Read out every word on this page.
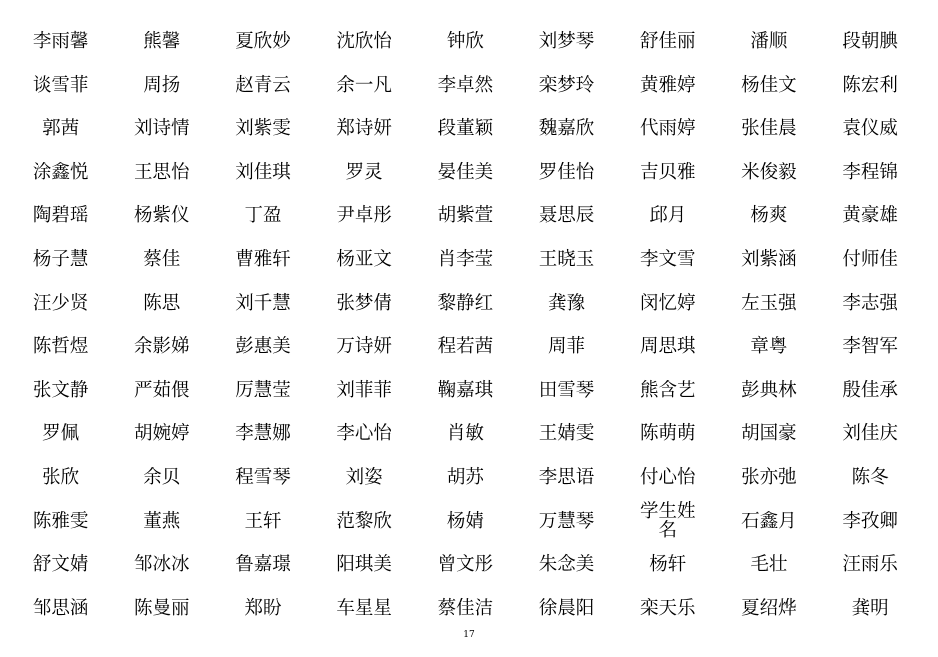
李雨馨	熊馨	夏欣妙	沈欣怡	钟欣	刘梦琴	舒佳丽	潘顺	段朝腆
谈雪菲	周扬	赵青云	余一凡	李卓然	栾梦玲	黄雅婷	杨佳文	陈宏利
郭茜	刘诗情	刘紫雯	郑诗妍	段董颖	魏嘉欣	代雨婷	张佳晨	袁仪威
涂鑫悦	王思怡	刘佳琪	罗灵	晏佳美	罗佳怡	吉贝雅	米俊毅	李程锦
陶碧瑶	杨紫仪	丁盈	尹卓彤	胡紫萱	聂思辰	邱月	杨爽	黄豪雄
杨子慧	蔡佳	曹雅轩	杨亚文	肖李莹	王晓玉	李文雪	刘紫涵	付师佳
汪少贤	陈思	刘千慧	张梦倩	黎静红	龚豫	闵忆婷	左玉强	李志强
陈哲煜	余影娣	彭惠美	万诗妍	程若茜	周菲	周思琪	章粤	李智军
张文静	严茹偎	厉慧莹	刘菲菲	鞠嘉琪	田雪琴	熊含艺	彭典林	殷佳承
罗佩	胡婉婷	李慧娜	李心怡	肖敏	王婧雯	陈萌萌	胡国豪	刘佳庆
张欣	余贝	程雪琴	刘姿	胡苏	李思语	付心怡	张亦弛	陈冬
陈雅雯	董燕	王轩	范黎欣	杨婧	万慧琴	学生姓名	石鑫月	李孜卿
舒文婧	邹冰冰	鲁嘉璟	阳琪美	曾文彤	朱念美	杨轩	毛壮	汪雨乐
邹思涵	陈曼丽	郑盼	车星星	蔡佳洁	徐晨阳	栾天乐	夏绍烨	龚明
17
